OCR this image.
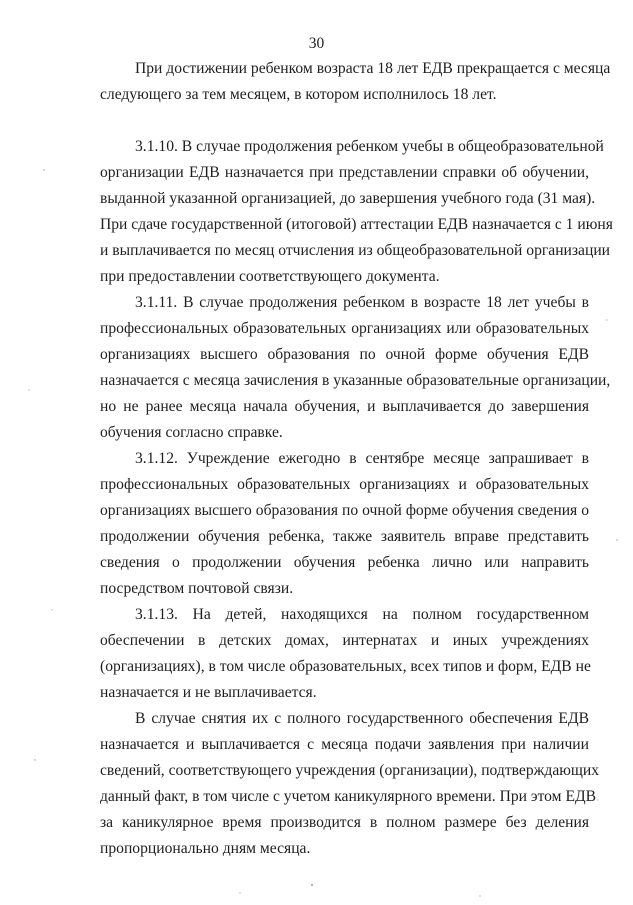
30
При достижении ребенком возраста 18 лет ЕДВ прекращается с месяца
следующего за тем месяцем, в котором исполнилось 18 лет.
3.1.10. В случае продолжения ребенком учебы в общеобразовательной
организации ЕДВ назначается при представлении справки об обучении,
выданной указанной организацией, до завершения учебного года (31 мая).
При сдаче государственной (итоговой) аттестации ЕДВ назначается с 1 июня
и выплачивается по месяц отчисления из общеобразовательной организации
при предоставлении соответствующего документа.
3.1.11. В случае продолжения ребенком в возрасте 18 лет учебы в
профессиональных образовательных организациях или образовательных
организациях высшего образования по очной форме обучения ЕДВ
назначается с месяца зачисления в указанные образовательные организации,
но не ранее месяца начала обучения, и выплачивается до завершения
обучения согласно справке.
3.1.12. Учреждение ежегодно в сентябре месяце запрашивает в
профессиональных образовательных организациях и образовательных
организациях высшего образования по очной форме обучения сведения о
продолжении обучения ребенка, также заявитель вправе представить
сведения о продолжении обучения ребенка лично или направить
посредством почтовой связи.
3.1.13. На детей, находящихся на полном государственном
обеспечении в детских домах, интернатах и иных учреждениях
(организациях), в том числе образовательных, всех типов и форм, ЕДВ не
назначается и не выплачивается.
В случае снятия их с полного государственного обеспечения ЕДВ
назначается и выплачивается с месяца подачи заявления при наличии
сведений, соответствующего учреждения (организации), подтверждающих
данный факт, в том числе с учетом каникулярного времени. При этом ЕДВ
за каникулярное время производится в полном размере без деления
пропорционально дням месяца.
